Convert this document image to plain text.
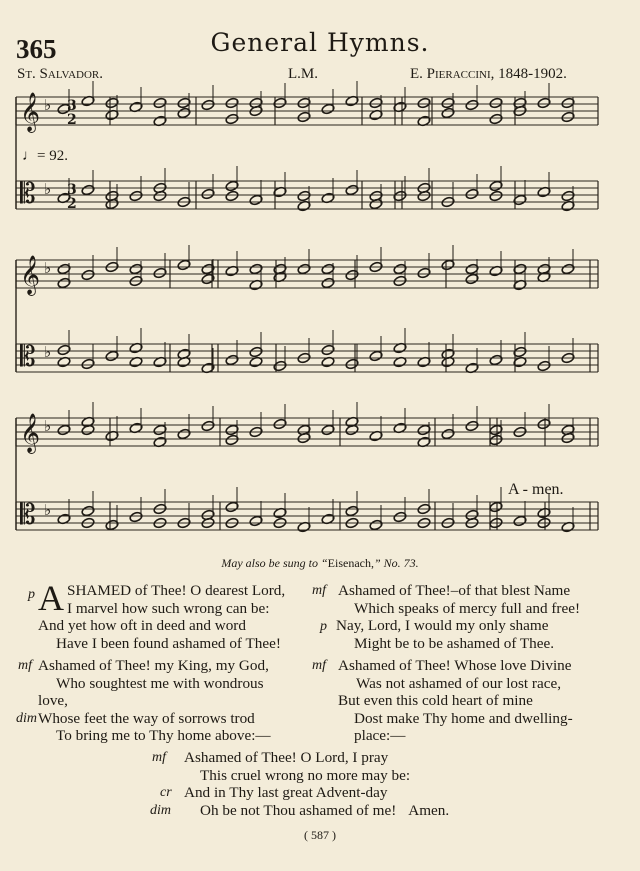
365	General Hymns.
St. Salvador.	L.M.	E. Pieraccini, 1848-1902.
𝄞 ♭
𝄡 ♭
𝄞 ♭
𝄡 ♭
𝄞 ♭
𝄡 ♭
3
2
3
2
♩= 92.
A - men.
May also be sung to “Eisenach,” No. 73.
p ASHAMED of Thee! O dearest Lord,
I marvel how such wrong can be:
And yet how oft in deed and word
Have I been found ashamed of Thee!
mf
p
Ashamed of Thee!–of that blest Name
Which speaks of mercy full and free!
Nay, Lord, I would my only shame
Might be to be ashamed of Thee.
mf
dim
Ashamed of Thee! my King, my God,
Who soughtest me with wondrous
love,
Whose feet the way of sorrows trod
To bring me to Thy home above:—
mf Ashamed of Thee! Whose love Divine
Was not ashamed of our lost race,
But even this cold heart of mine
Dost make Thy home and dwelling-
place:—
mf
cr
dim
Ashamed of Thee! O Lord, I pray
This cruel wrong no more may be:
And in Thy last great Advent-day
Oh be not Thou ashamed of me! Amen.
( 587 )
